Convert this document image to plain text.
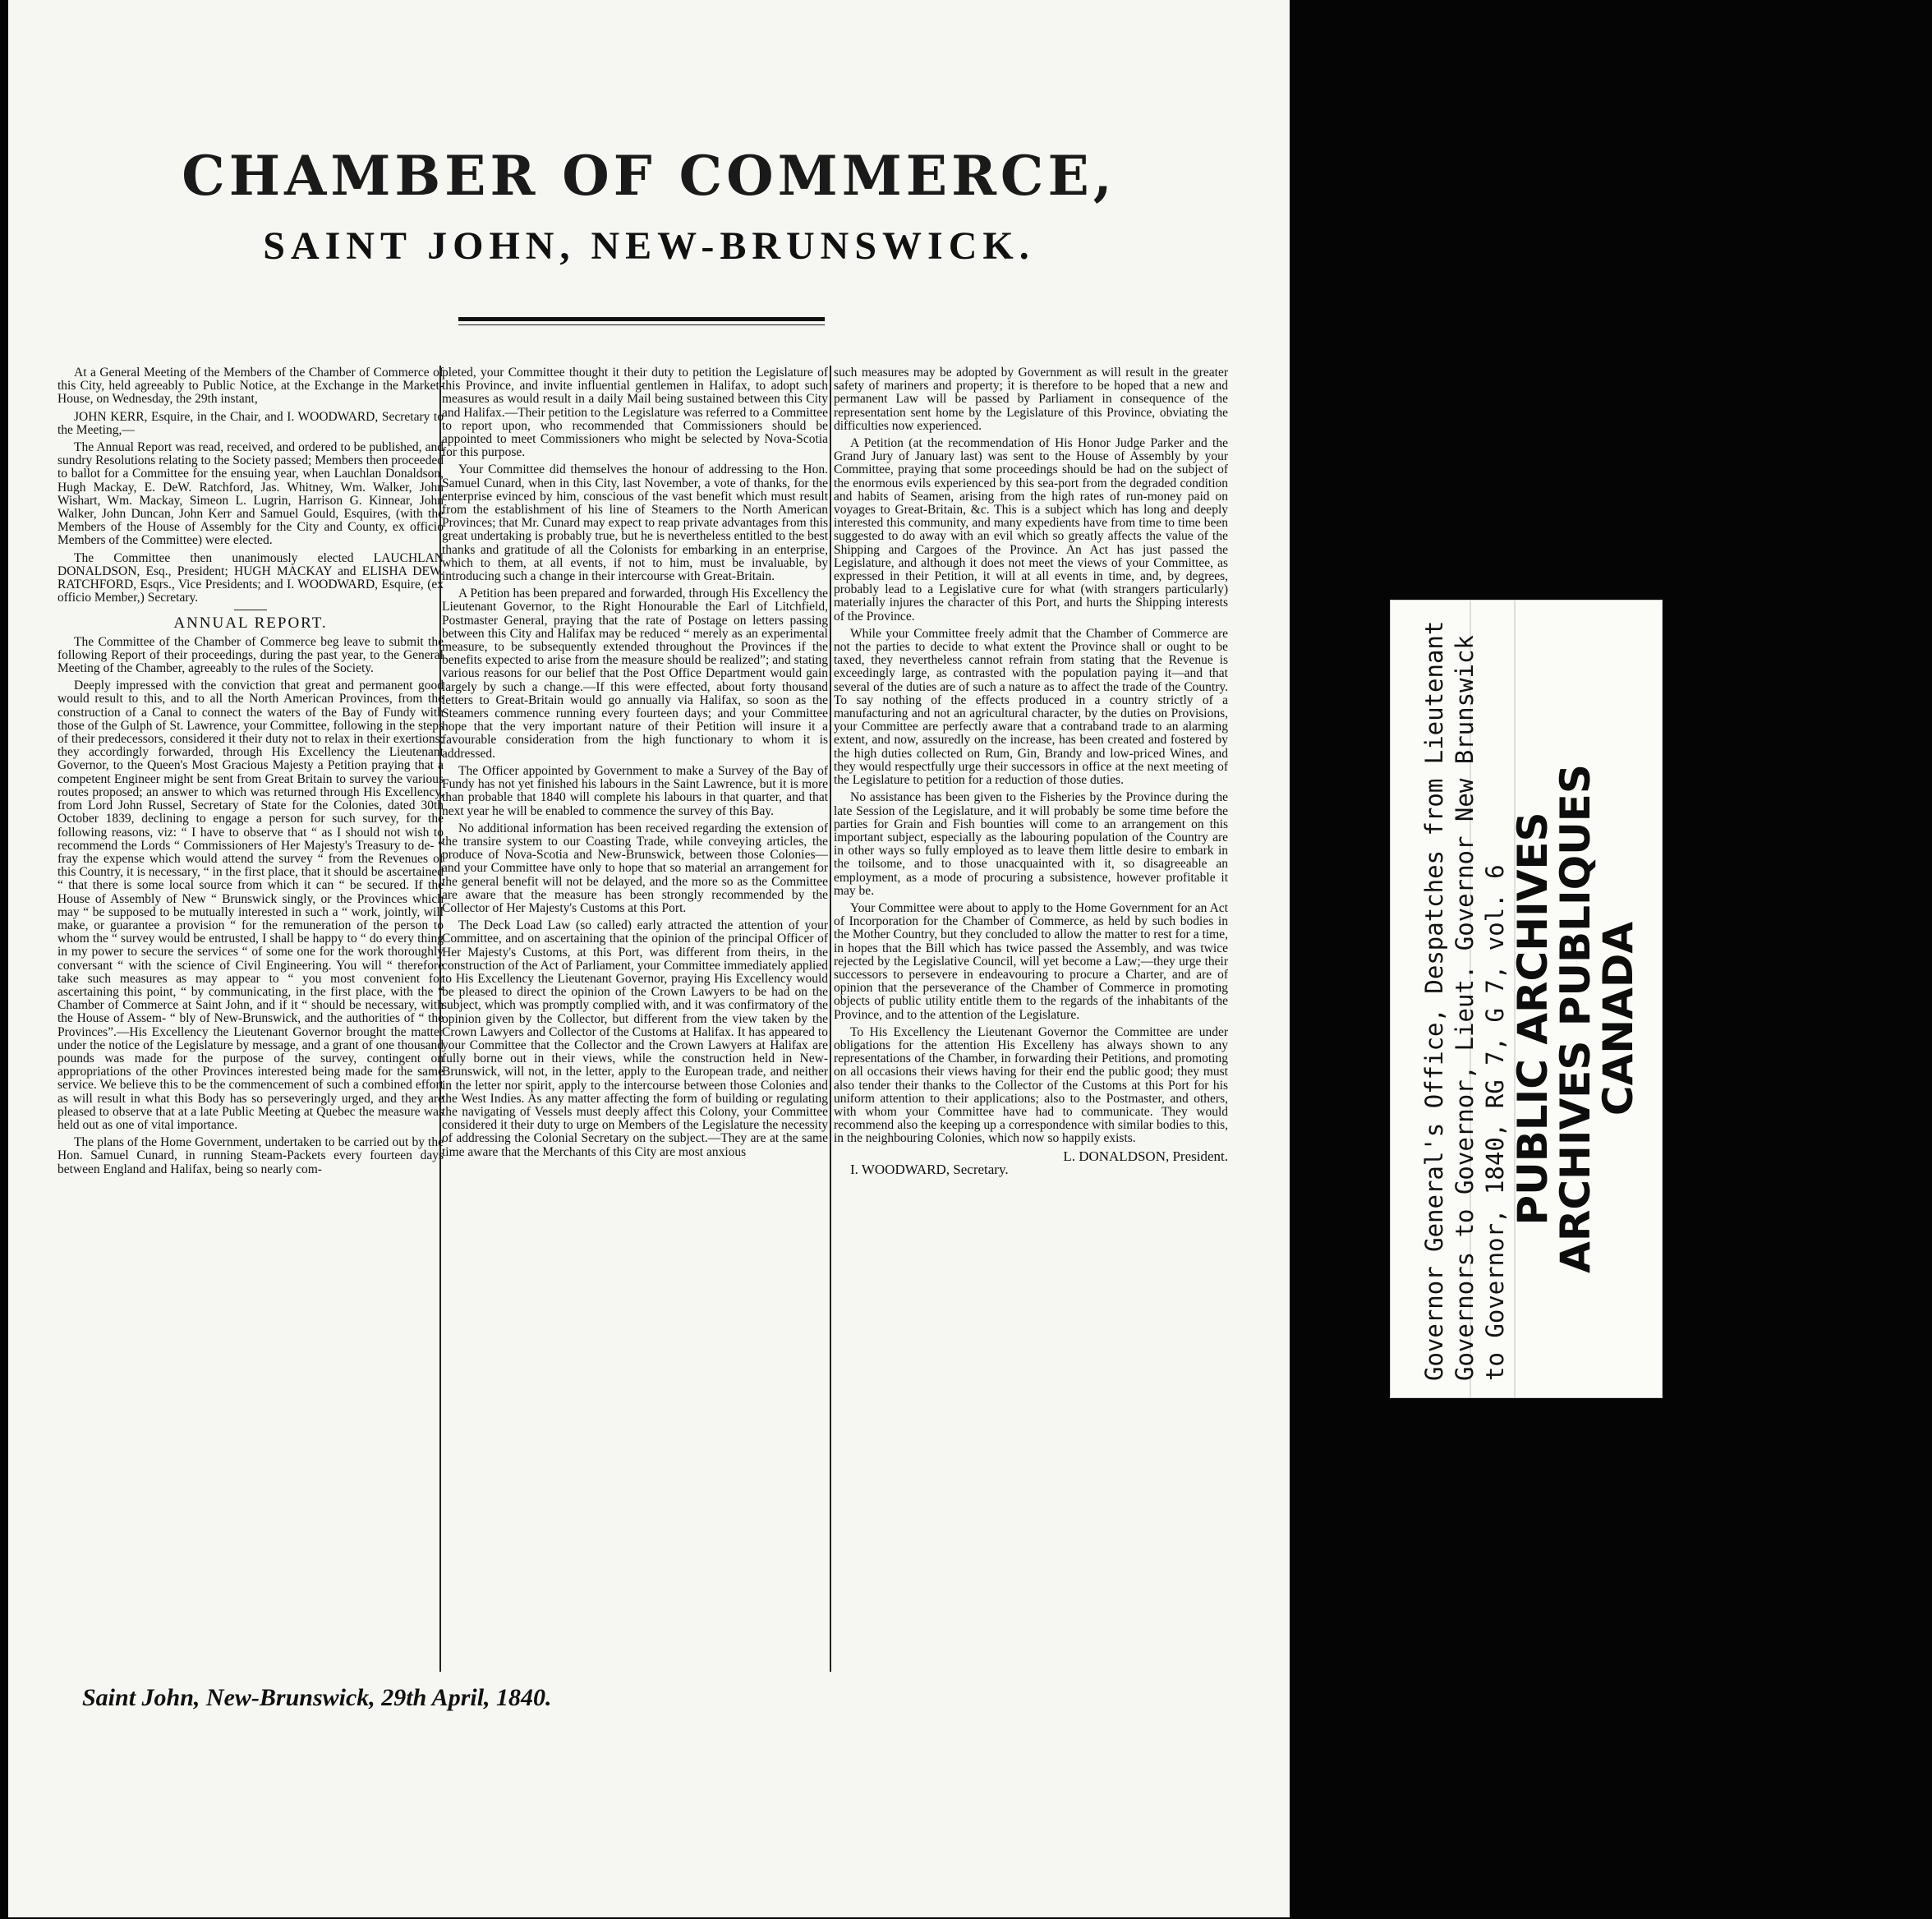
CHAMBER OF COMMERCE,
SAINT JOHN, NEW-BRUNSWICK.

At a General Meeting of the Members of the Chamber of Commerce of this City, held agreeably to Public Notice, at the Exchange in the Market-House, on Wednesday, the 29th instant,

JOHN KERR, Esquire, in the Chair, and I. WOODWARD, Secretary to the Meeting,—

The Annual Report was read, received, and ordered to be published, and sundry Resolutions relating to the Society passed; Members then proceeded to ballot for a Committee for the ensuing year, when Lauchlan Donaldson, Hugh Mackay, E. DeW. Ratchford, Jas. Whitney, Wm. Walker, John Wishart, Wm. Mackay, Simeon L. Lugrin, Harrison G. Kinnear, John Walker, John Duncan, John Kerr and Samuel Gould, Esquires, (with the Members of the House of Assembly for the City and County, ex officio Members of the Committee) were elected.

The Committee then unanimously elected LAUCHLAN DONALDSON, Esq., President; HUGH MACKAY and ELISHA DEW. RATCHFORD, Esqrs., Vice Presidents; and I. WOODWARD, Esquire, (ex officio Member,) Secretary.

ANNUAL REPORT.

The Committee of the Chamber of Commerce beg leave to submit the following Report of their proceedings, during the past year, to the General Meeting of the Chamber, agreeably to the rules of the Society.

Deeply impressed with the conviction that great and permanent good would result to this, and to all the North American Provinces, from the construction of a Canal to connect the waters of the Bay of Fundy with those of the Gulph of St. Lawrence, your Committee, following in the steps of their predecessors, considered it their duty not to relax in their exertions; they accordingly forwarded, through His Excellency the Lieutenant Governor, to the Queen's Most Gracious Majesty a Petition praying that a competent Engineer might be sent from Great Britain to survey the various routes proposed; an answer to which was returned through His Excellency, from Lord John Russel, Secretary of State for the Colonies, dated 30th October 1839, declining to engage a person for such survey, for the following reasons, viz: “ I have to observe that “ as I should not wish to recommend the Lords “ Commissioners of Her Majesty's Treasury to de- “ fray the expense which would attend the survey “ from the Revenues of this Country, it is necessary, “ in the first place, that it should be ascertained “ that there is some local source from which it can “ be secured. If the House of Assembly of New “ Brunswick singly, or the Provinces which may “ be supposed to be mutually interested in such a “ work, jointly, will make, or guarantee a provision “ for the remuneration of the person to whom the “ survey would be entrusted, I shall be happy to “ do every thing in my power to secure the services “ of some one for the work thoroughly conversant “ with the science of Civil Engineering. You will “ therefore take such measures as may appear to “ you most convenient for ascertaining this point, “ by communicating, in the first place, with the “ Chamber of Commerce at Saint John, and if it “ should be necessary, with the House of Assem- “ bly of New-Brunswick, and the authorities of “ the Provinces”.—His Excellency the Lieutenant Governor brought the matter under the notice of the Legislature by message, and a grant of one thousand pounds was made for the purpose of the survey, contingent on appropriations of the other Provinces interested being made for the same service. We believe this to be the commencement of such a combined effort as will result in what this Body has so perseveringly urged, and they are pleased to observe that at a late Public Meeting at Quebec the measure was held out as one of vital importance.

The plans of the Home Government, undertaken to be carried out by the Hon. Samuel Cunard, in running Steam-Packets every fourteen days between England and Halifax, being so nearly com-

pleted, your Committee thought it their duty to petition the Legislature of this Province, and invite influential gentlemen in Halifax, to adopt such measures as would result in a daily Mail being sustained between this City and Halifax.—Their petition to the Legislature was referred to a Committee to report upon, who recommended that Commissioners should be appointed to meet Commissioners who might be selected by Nova-Scotia for this purpose.

Your Committee did themselves the honour of addressing to the Hon. Samuel Cunard, when in this City, last November, a vote of thanks, for the enterprise evinced by him, conscious of the vast benefit which must result from the establishment of his line of Steamers to the North American Provinces; that Mr. Cunard may expect to reap private advantages from this great undertaking is probably true, but he is nevertheless entitled to the best thanks and gratitude of all the Colonists for embarking in an enterprise, which to them, at all events, if not to him, must be invaluable, by introducing such a change in their intercourse with Great-Britain.

A Petition has been prepared and forwarded, through His Excellency the Lieutenant Governor, to the Right Honourable the Earl of Litchfield, Postmaster General, praying that the rate of Postage on letters passing between this City and Halifax may be reduced “ merely as an experimental measure, to be subsequently extended throughout the Provinces if the benefits expected to arise from the measure should be realized”; and stating various reasons for our belief that the Post Office Department would gain largely by such a change.—If this were effected, about forty thousand letters to Great-Britain would go annually via Halifax, so soon as the Steamers commence running every fourteen days; and your Committee hope that the very important nature of their Petition will insure it a favourable consideration from the high functionary to whom it is addressed.

The Officer appointed by Government to make a Survey of the Bay of Fundy has not yet finished his labours in the Saint Lawrence, but it is more than probable that 1840 will complete his labours in that quarter, and that next year he will be enabled to commence the survey of this Bay.

No additional information has been received regarding the extension of the transire system to our Coasting Trade, while conveying articles, the produce of Nova-Scotia and New-Brunswick, between those Colonies—and your Committee have only to hope that so material an arrangement for the general benefit will not be delayed, and the more so as the Committee are aware that the measure has been strongly recommended by the Collector of Her Majesty's Customs at this Port.

The Deck Load Law (so called) early attracted the attention of your Committee, and on ascertaining that the opinion of the principal Officer of Her Majesty's Customs, at this Port, was different from theirs, in the construction of the Act of Parliament, your Committee immediately applied to His Excellency the Lieutenant Governor, praying His Excellency would be pleased to direct the opinion of the Crown Lawyers to be had on the subject, which was promptly complied with, and it was confirmatory of the opinion given by the Collector, but different from the view taken by the Crown Lawyers and Collector of the Customs at Halifax. It has appeared to your Committee that the Collector and the Crown Lawyers at Halifax are fully borne out in their views, while the construction held in New-Brunswick, will not, in the letter, apply to the European trade, and neither in the letter nor spirit, apply to the intercourse between those Colonies and the West Indies. As any matter affecting the form of building or regulating the navigating of Vessels must deeply affect this Colony, your Committee considered it their duty to urge on Members of the Legislature the necessity of addressing the Colonial Secretary on the subject.—They are at the same time aware that the Merchants of this City are most anxious

such measures may be adopted by Government as will result in the greater safety of mariners and property; it is therefore to be hoped that a new and permanent Law will be passed by Parliament in consequence of the representation sent home by the Legislature of this Province, obviating the difficulties now experienced.

A Petition (at the recommendation of His Honor Judge Parker and the Grand Jury of January last) was sent to the House of Assembly by your Committee, praying that some proceedings should be had on the subject of the enormous evils experienced by this sea-port from the degraded condition and habits of Seamen, arising from the high rates of run-money paid on voyages to Great-Britain, &c. This is a subject which has long and deeply interested this community, and many expedients have from time to time been suggested to do away with an evil which so greatly affects the value of the Shipping and Cargoes of the Province. An Act has just passed the Legislature, and although it does not meet the views of your Committee, as expressed in their Petition, it will at all events in time, and, by degrees, probably lead to a Legislative cure for what (with strangers particularly) materially injures the character of this Port, and hurts the Shipping interests of the Province.

While your Committee freely admit that the Chamber of Commerce are not the parties to decide to what extent the Province shall or ought to be taxed, they nevertheless cannot refrain from stating that the Revenue is exceedingly large, as contrasted with the population paying it—and that several of the duties are of such a nature as to affect the trade of the Country. To say nothing of the effects produced in a country strictly of a manufacturing and not an agricultural character, by the duties on Provisions, your Committee are perfectly aware that a contraband trade to an alarming extent, and now, assuredly on the increase, has been created and fostered by the high duties collected on Rum, Gin, Brandy and low-priced Wines, and they would respectfully urge their successors in office at the next meeting of the Legislature to petition for a reduction of those duties.

No assistance has been given to the Fisheries by the Province during the late Session of the Legislature, and it will probably be some time before the parties for Grain and Fish bounties will come to an arrangement on this important subject, especially as the labouring population of the Country are in other ways so fully employed as to leave them little desire to embark in the toilsome, and to those unacquainted with it, so disagreeable an employment, as a mode of procuring a subsistence, however profitable it may be.

Your Committee were about to apply to the Home Government for an Act of Incorporation for the Chamber of Commerce, as held by such bodies in the Mother Country, but they concluded to allow the matter to rest for a time, in hopes that the Bill which has twice passed the Assembly, and was twice rejected by the Legislative Council, will yet become a Law;—they urge their successors to persevere in endeavouring to procure a Charter, and are of opinion that the perseverance of the Chamber of Commerce in promoting objects of public utility entitle them to the regards of the inhabitants of the Province, and to the attention of the Legislature.

To His Excellency the Lieutenant Governor the Committee are under obligations for the attention His Excelleny has always shown to any representations of the Chamber, in forwarding their Petitions, and promoting on all occasions their views having for their end the public good; they must also tender their thanks to the Collector of the Customs at this Port for his uniform attention to their applications; also to the Postmaster, and others, with whom your Committee have had to communicate. They would recommend also the keeping up a correspondence with similar bodies to this, in the neighbouring Colonies, which now so happily exists.

L. DONALDSON, President.
I. WOODWARD, Secretary.
Saint John, New-Brunswick, 29th April, 1840.
Governor General's Office, Despatches from Lieutenant Governors to Governor, Lieut. Governor New Brunswick to Governor, 1840, RG 7, G 7, vol. 6 PUBLIC ARCHIVES
ARCHIVES PUBLIQUES
CANADA
